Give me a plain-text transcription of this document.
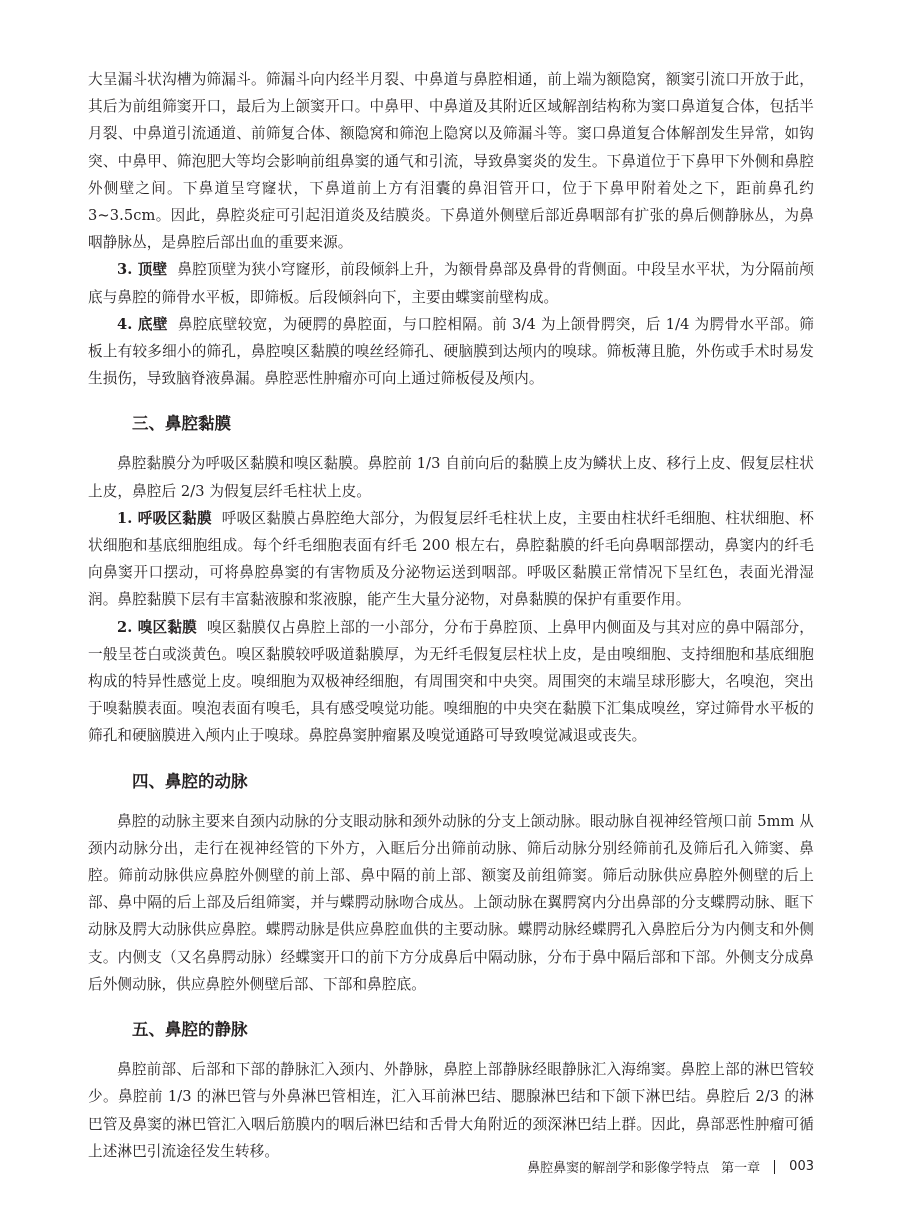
大呈漏斗状沟槽为筛漏斗。筛漏斗向内经半月裂、中鼻道与鼻腔相通，前上端为额隐窝，额窦引流口开放于此，其后为前组筛窦开口，最后为上颌窦开口。中鼻甲、中鼻道及其附近区域解剖结构称为窦口鼻道复合体，包括半月裂、中鼻道引流通道、前筛复合体、额隐窝和筛泡上隐窝以及筛漏斗等。窦口鼻道复合体解剖发生异常，如钩突、中鼻甲、筛泡肥大等均会影响前组鼻窦的通气和引流，导致鼻窦炎的发生。下鼻道位于下鼻甲下外侧和鼻腔外侧壁之间。下鼻道呈穹窿状，下鼻道前上方有泪囊的鼻泪管开口，位于下鼻甲附着处之下，距前鼻孔约3~3.5cm。因此，鼻腔炎症可引起泪道炎及结膜炎。下鼻道外侧壁后部近鼻咽部有扩张的鼻后侧静脉丛，为鼻咽静脉丛，是鼻腔后部出血的重要来源。

3. 顶壁 鼻腔顶壁为狭小穹窿形，前段倾斜上升，为额骨鼻部及鼻骨的背侧面。中段呈水平状，为分隔前颅底与鼻腔的筛骨水平板，即筛板。后段倾斜向下，主要由蝶窦前壁构成。

4. 底壁 鼻腔底壁较宽，为硬腭的鼻腔面，与口腔相隔。前 3/4 为上颌骨腭突，后 1/4 为腭骨水平部。筛板上有较多细小的筛孔，鼻腔嗅区黏膜的嗅丝经筛孔、硬脑膜到达颅内的嗅球。筛板薄且脆，外伤或手术时易发生损伤，导致脑脊液鼻漏。鼻腔恶性肿瘤亦可向上通过筛板侵及颅内。

三、鼻腔黏膜

鼻腔黏膜分为呼吸区黏膜和嗅区黏膜。鼻腔前 1/3 自前向后的黏膜上皮为鳞状上皮、移行上皮、假复层柱状上皮，鼻腔后 2/3 为假复层纤毛柱状上皮。

1. 呼吸区黏膜 呼吸区黏膜占鼻腔绝大部分，为假复层纤毛柱状上皮，主要由柱状纤毛细胞、柱状细胞、杯状细胞和基底细胞组成。每个纤毛细胞表面有纤毛 200 根左右，鼻腔黏膜的纤毛向鼻咽部摆动，鼻窦内的纤毛向鼻窦开口摆动，可将鼻腔鼻窦的有害物质及分泌物运送到咽部。呼吸区黏膜正常情况下呈红色，表面光滑湿润。鼻腔黏膜下层有丰富黏液腺和浆液腺，能产生大量分泌物，对鼻黏膜的保护有重要作用。

2. 嗅区黏膜 嗅区黏膜仅占鼻腔上部的一小部分，分布于鼻腔顶、上鼻甲内侧面及与其对应的鼻中隔部分，一般呈苍白或淡黄色。嗅区黏膜较呼吸道黏膜厚，为无纤毛假复层柱状上皮，是由嗅细胞、支持细胞和基底细胞构成的特异性感觉上皮。嗅细胞为双极神经细胞，有周围突和中央突。周围突的末端呈球形膨大，名嗅泡，突出于嗅黏膜表面。嗅泡表面有嗅毛，具有感受嗅觉功能。嗅细胞的中央突在黏膜下汇集成嗅丝，穿过筛骨水平板的筛孔和硬脑膜进入颅内止于嗅球。鼻腔鼻窦肿瘤累及嗅觉通路可导致嗅觉减退或丧失。

四、鼻腔的动脉

鼻腔的动脉主要来自颈内动脉的分支眼动脉和颈外动脉的分支上颌动脉。眼动脉自视神经管颅口前 5mm 从颈内动脉分出，走行在视神经管的下外方，入眶后分出筛前动脉、筛后动脉分别经筛前孔及筛后孔入筛窦、鼻腔。筛前动脉供应鼻腔外侧壁的前上部、鼻中隔的前上部、额窦及前组筛窦。筛后动脉供应鼻腔外侧壁的后上部、鼻中隔的后上部及后组筛窦，并与蝶腭动脉吻合成丛。上颌动脉在翼腭窝内分出鼻部的分支蝶腭动脉、眶下动脉及腭大动脉供应鼻腔。蝶腭动脉是供应鼻腔血供的主要动脉。蝶腭动脉经蝶腭孔入鼻腔后分为内侧支和外侧支。内侧支（又名鼻腭动脉）经蝶窦开口的前下方分成鼻后中隔动脉，分布于鼻中隔后部和下部。外侧支分成鼻后外侧动脉，供应鼻腔外侧壁后部、下部和鼻腔底。

五、鼻腔的静脉

鼻腔前部、后部和下部的静脉汇入颈内、外静脉，鼻腔上部静脉经眼静脉汇入海绵窦。鼻腔上部的淋巴管较少。鼻腔前 1/3 的淋巴管与外鼻淋巴管相连，汇入耳前淋巴结、腮腺淋巴结和下颌下淋巴结。鼻腔后 2/3 的淋巴管及鼻窦的淋巴管汇入咽后筋膜内的咽后淋巴结和舌骨大角附近的颈深淋巴结上群。因此，鼻部恶性肿瘤可循上述淋巴引流途径发生转移。

鼻腔鼻窦的解剖学和影像学特点 第一章 003
